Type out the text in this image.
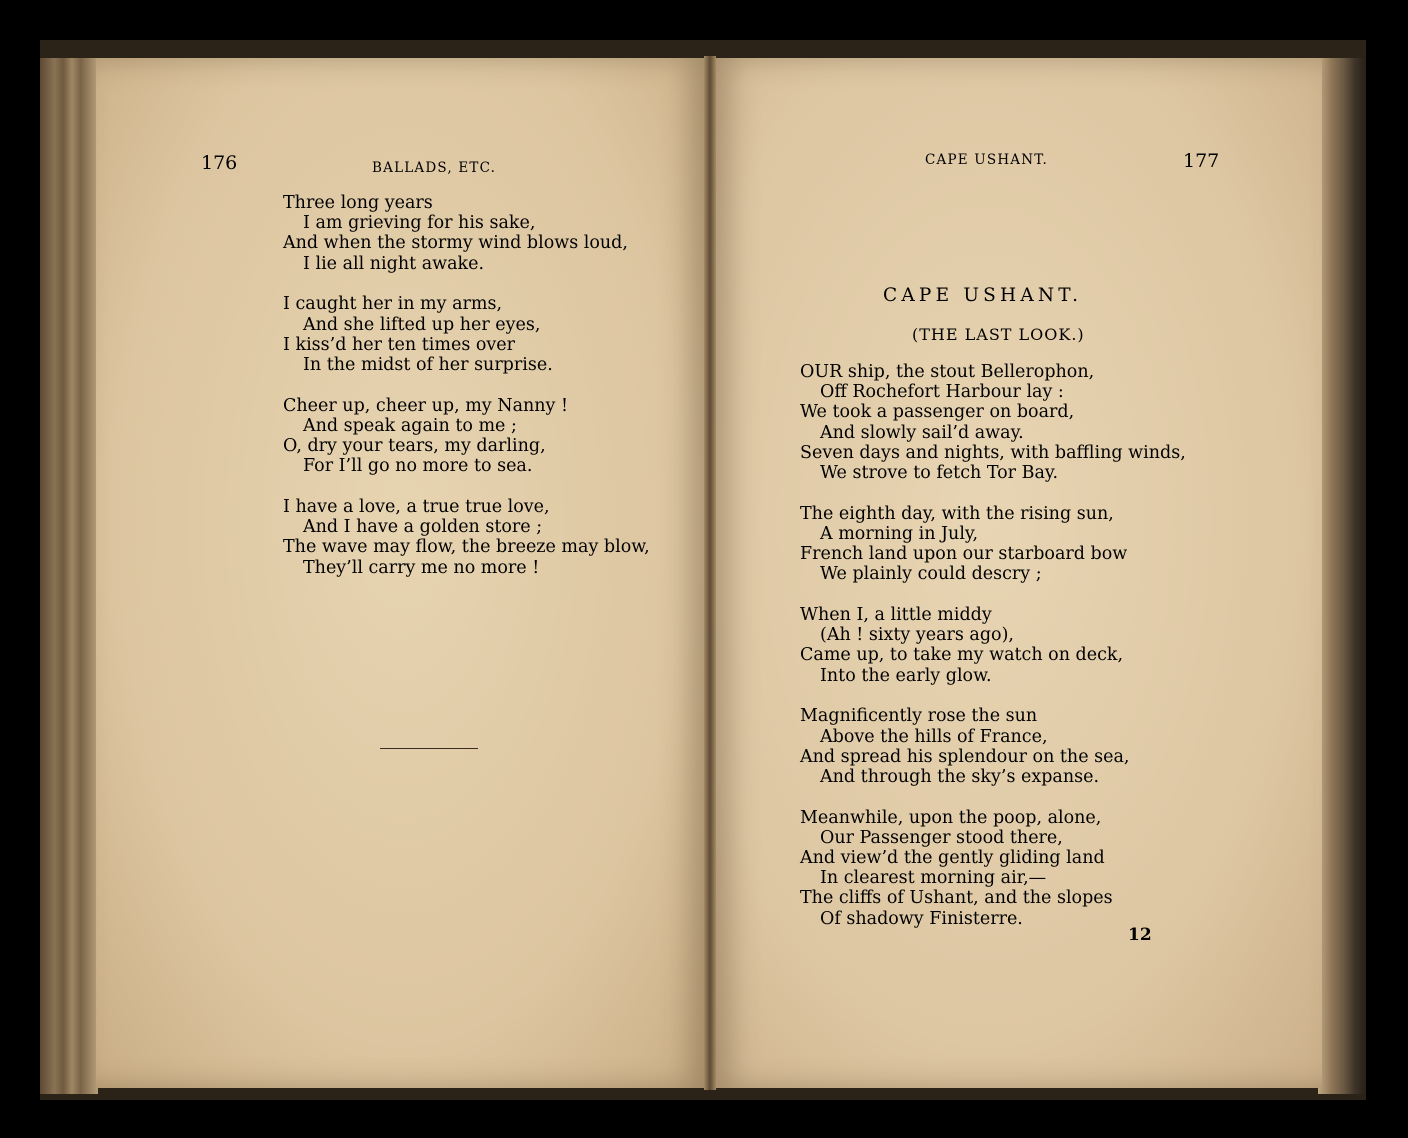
176	BALLADS, ETC.
Three long years
I am grieving for his sake,
And when the stormy wind blows loud,
I lie all night awake.
I caught her in my arms,
And she lifted up her eyes,
I kiss’d her ten times over
In the midst of her surprise.
Cheer up, cheer up, my Nanny !
And speak again to me ;
O, dry your tears, my darling,
For I’ll go no more to sea.
I have a love, a true true love,
And I have a golden store ;
The wave may flow, the breeze may blow,
They’ll carry me no more !
CAPE USHANT.	177
CAPE USHANT.
(THE LAST LOOK.)
OUR ship, the stout Bellerophon,
Off Rochefort Harbour lay :
We took a passenger on board,
And slowly sail’d away.
Seven days and nights, with baffling winds,
We strove to fetch Tor Bay.
The eighth day, with the rising sun,
A morning in July,
French land upon our starboard bow
We plainly could descry ;
When I, a little middy
(Ah ! sixty years ago),
Came up, to take my watch on deck,
Into the early glow.
Magnificently rose the sun
Above the hills of France,
And spread his splendour on the sea,
And through the sky’s expanse.
Meanwhile, upon the poop, alone,
Our Passenger stood there,
And view’d the gently gliding land
In clearest morning air,—
The cliffs of Ushant, and the slopes
Of shadowy Finisterre.
12
